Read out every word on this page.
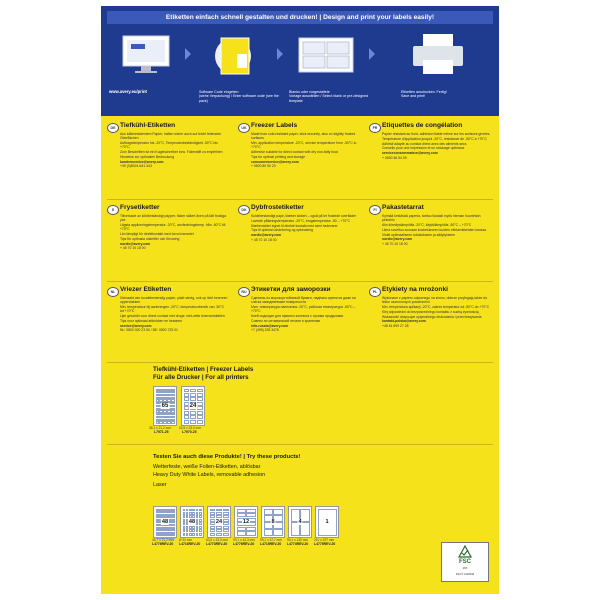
Etiketten einfach schnell gestalten und drucken! | Design and print your labels easily!
www.avery.eu/print	Software Code eingeben
(siehe Verpackung) / Enter software code (see the pack)
Blanko oder vorgestaltete
Vorlage auswählen / Select blank or pre-designed template
Etiketten ausdrucken. Fertig!
Save and print!
DE Tiefkühl-Etiketten
Aus kälteresistentem Papier, haften sicher auch auf leicht fettenden Oberflächen
Auftragstemperatur bis -20°C, Temperaturbeständigkeit -50°C bis +70°C
Zum Beschriften ist ein Kugelschreiber bzw. Folienstift zu empfehlen
Hinweise zur optimalen Bedruckung
kundenservice@avery.com
+49 (0)8024-641-343
UK Freezer Labels
Made from cold-resistant paper, stick securely, also on slightly frosted surfaces
Min. application temperature -20°C, service temperature from -50°C to +70°C
Adhesive suitable for direct contact with dry non-fatty food
Tips for optimal printing and storage
consumerservice@avery.com
+ 0800 80 50 20
FR Etiquettes de congélation
Papier résistant au froid, adhésion fiable même sur les surfaces givrées
Température d'application jusqu'à -20°C, résistance de -50°C à +70°C
Adhésif adapté au contact direct avec des aliments secs
Conseils pour une impression et un stockage optimaux
serviceconsommateur@avery.com
+ 0800 36 54 09
S Frysetiketter
Tillverkade av köldbeständigt papper, fäster säkert även på lätt frostiga ytor
Lägsta appliceringstemperatur -20°C, användningstemp. från -50°C till +70°C
Lim lämpligt för direktkontakt med torra livsmedel
Tips för optimala utskrifter och förvaring
nordic@avery.com
+ 45 70 10 18 00
DK Dybfrostetiketter
Kuldebestandigt papir, klæber sikkert – også på let frostede overflader
Laveste påføringstemperatur -20°C, brugstemperatur -50 – +70°C
Klæbemiddel egnet til direkte kontakt med tørre fødevarer
Tips til optimal udskrivning og opbevaring
nordic@avery.com
+ 45 70 10 18 00
FI Pakastetarrat
Kylmää kestävää paperia, tarttuu tiukasti myös hieman huurteisiin pintoihin
Alin kiinnityslämpötila -20°C, käyttölämpötila -50°C – +70°C
Liima soveltuu suoraan kosketukseen kuivien elintarvikkeiden kanssa
Vinkit optimaaliseen tulostukseen ja säilytykseen
nordic@avery.com
+ 45 70 10 18 00
NL Vriezer Etiketten
Gemaakt van koudebestendig papier, plakt stevig, ook op licht bevroren oppervlakken
Min. temperatuur bij aanbrengen -20°C, temperatuurbereik van -50°C tot +70°C
Lijm geschikt voor direct contact met droge, niet-vette levensmiddelen
Tips voor optimaal afdrukken en bewaren
service@avery.com
NL: 0800 020 23 50 / BE: 0800 725 01
RU Этикетки для заморозки
Сделаны из морозоустойчивой бумаги, надёжно крепятся даже на слегка заиндевевшие поверхности
Мин. температура нанесения -20°C, рабочая температура -50°C – +70°C
Клей подходит для прямого контакта с сухими продуктами
Советы по оптимальной печати и хранению
info-russia@avery.com
+7 (495) 228 3476
PL Etykiety na mrożonki
Wykonane z papieru odpornego na zimno, dobrze przylegają także do lekko oszronionych powierzchni
Min. temperatura aplikacji -20°C, zakres temperatur od -50°C do +70°C
Klej odpowiedni do bezpośredniego kontaktu z suchą żywnością
Wskazówki dotyczące optymalnego drukowania i przechowywania
kontakt-polska@avery.com
+48 61 899 27 28
Tiefkühl-Etiketten | Freezer Labels
Für alle Drucker | For all printers
65
38,1 x 21,2 mm
L7971-25
24
63,5 x 33,9 mm
L7970-25
Testen Sie auch diese Produkte! | Try these products!
Wetterfeste, weiße Folien-Etiketten, ablösbar
Heavy Duty White Labels, removable adhesion
Laser
48
45,7 x 21,2 mm
L4778REV-20
48
Ø 30 mm
L4716REV-20
24
63,5 x 33,9 mm
L4773REV-20
12
99,1 x 42,3 mm
L4776REV-20
8
99,1 x 67,7 mm
L4715REV-20
4
99,1 x 139 mm
L4774REV-20
1
210 x 297 mm
L4775REV-20
FSC
MIX
FSC® C118018
